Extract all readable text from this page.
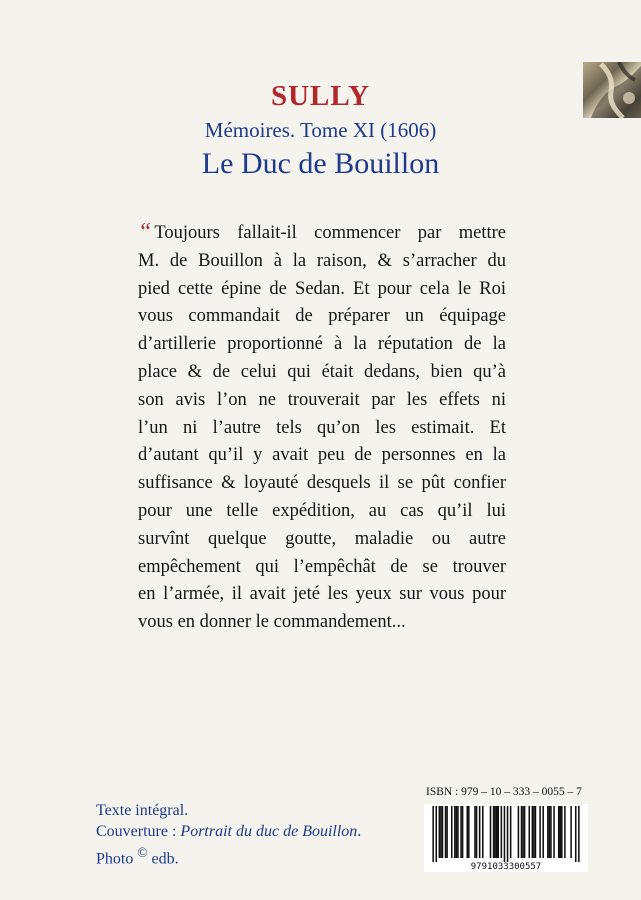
SULLY
Mémoires. Tome XI (1606)
Le Duc de Bouillon
“ Toujours fallait-il commencer par mettre
M. de Bouillon à la raison, & s’arracher du
pied cette épine de Sedan. Et pour cela le Roi
vous commandait de préparer un équipage
d’artillerie proportionné à la réputation de la
place & de celui qui était dedans, bien qu’à
son avis l’on ne trouverait par les effets ni
l’un ni l’autre tels qu’on les estimait. Et
d’autant qu’il y avait peu de personnes en la
suffisance & loyauté desquels il se pût confier
pour une telle expédition, au cas qu’il lui
survînt quelque goutte, maladie ou autre
empêchement qui l’empêchât de se trouver
en l’armée, il avait jeté les yeux sur vous pour
vous en donner le commandement...
Texte intégral.
Couverture : Portrait du duc de Bouillon.
Photo © edb.
ISBN : 979 – 10 – 333 – 0055 – 7
9791033300557
